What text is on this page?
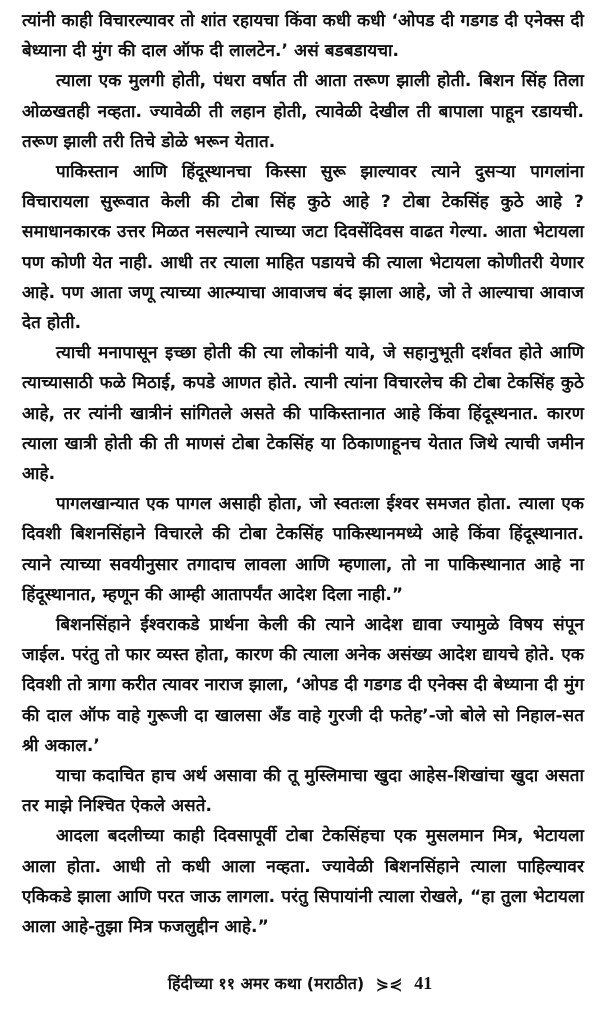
त्यांनी काही विचारल्यावर तो शांत रहायचा किंवा कधी कधी ‘ओपड दी गडगड दी एनेक्स दी बेध्याना दी मुंग की दाल ऑफ दी लालटेन.’ असं बडबडायचा.

त्याला एक मुलगी होती, पंधरा वर्षात ती आता तरूण झाली होती. बिशन सिंह तिला ओळखतही नव्हता. ज्यावेळी ती लहान होती, त्यावेळी देखील ती बापाला पाहून रडायची. तरूण झाली तरी तिचे डोळे भरून येतात.

पाकिस्तान आणि हिंदूस्थानचा किस्सा सुरू झाल्यावर त्याने दुसऱ्या पागलांना विचारायला सुरूवात केली की टोबा सिंह कुठे आहे ? टोबा टेकसिंह कुठे आहे ? समाधानकारक उत्तर मिळत नसल्याने त्याच्या जटा दिवसेंदिवस वाढत गेल्या. आता भेटायला पण कोणी येत नाही. आधी तर त्याला माहित पडायचे की त्याला भेटायला कोणीतरी येणार आहे. पण आता जणू त्याच्या आत्म्याचा आवाजच बंद झाला आहे, जो ते आल्याचा आवाज देत होती.

त्याची मनापासून इच्छा होती की त्या लोकांनी यावे, जे सहानुभूती दर्शवत होते आणि त्याच्यासाठी फळे मिठाई, कपडे आणत होते. त्यानी त्यांना विचारलेच की टोबा टेकसिंह कुठे आहे, तर त्यांनी खात्रीनं सांगितले असते की पाकिस्तानात आहे किंवा हिंदूस्थनात. कारण त्याला खात्री होती की ती माणसं टोबा टेकसिंह या ठिकाणाहूनच येतात जिथे त्याची जमीन आहे.

पागलखान्यात एक पागल असाही होता, जो स्वतःला ईश्वर समजत होता. त्याला एक दिवशी बिशनसिंहाने विचारले की टोबा टेकसिंह पाकिस्थानमध्ये आहे किंवा हिंदूस्थानात. त्याने त्याच्या सवयीनुसार तगादाच लावला आणि म्हणाला, तो ना पाकिस्थानात आहे ना हिंदूस्थानात, म्हणून की आम्ही आतापर्यंत आदेश दिला नाही.”

बिशनसिंहाने ईश्वराकडे प्रार्थना केली की त्याने आदेश द्यावा ज्यामुळे विषय संपून जाईल. परंतु तो फार व्यस्त होता, कारण की त्याला अनेक असंख्य आदेश द्यायचे होते. एक दिवशी तो त्रागा करीत त्यावर नाराज झाला, ‘ओपड दी गडगड दी एनेक्स दी बेध्याना दी मुंग की दाल ऑफ वाहे गुरूजी दा खालसा अँड वाहे गुरजी दी फतेह’-जो बोले सो निहाल-सत श्री अकाल.’

याचा कदाचित हाच अर्थ असावा की तू मुस्लिमाचा खुदा आहेस-शिखांचा खुदा असता तर माझे निश्चित ऐकले असते.

आदला बदलीच्या काही दिवसापूर्वी टोबा टेकसिंहचा एक मुसलमान मित्र, भेटायला आला होता. आधी तो कधी आला नव्हता. ज्यावेळी बिशनसिंहाने त्याला पाहिल्यावर एकिकडे झाला आणि परत जाऊ लागला. परंतु सिपायांनी त्याला रोखले, “हा तुला भेटायला आला आहे-तुझा मित्र फजलुद्दीन आहे.”

हिंदीच्या ११ अमर कथा (मराठीत) ⋟⋞ 41
